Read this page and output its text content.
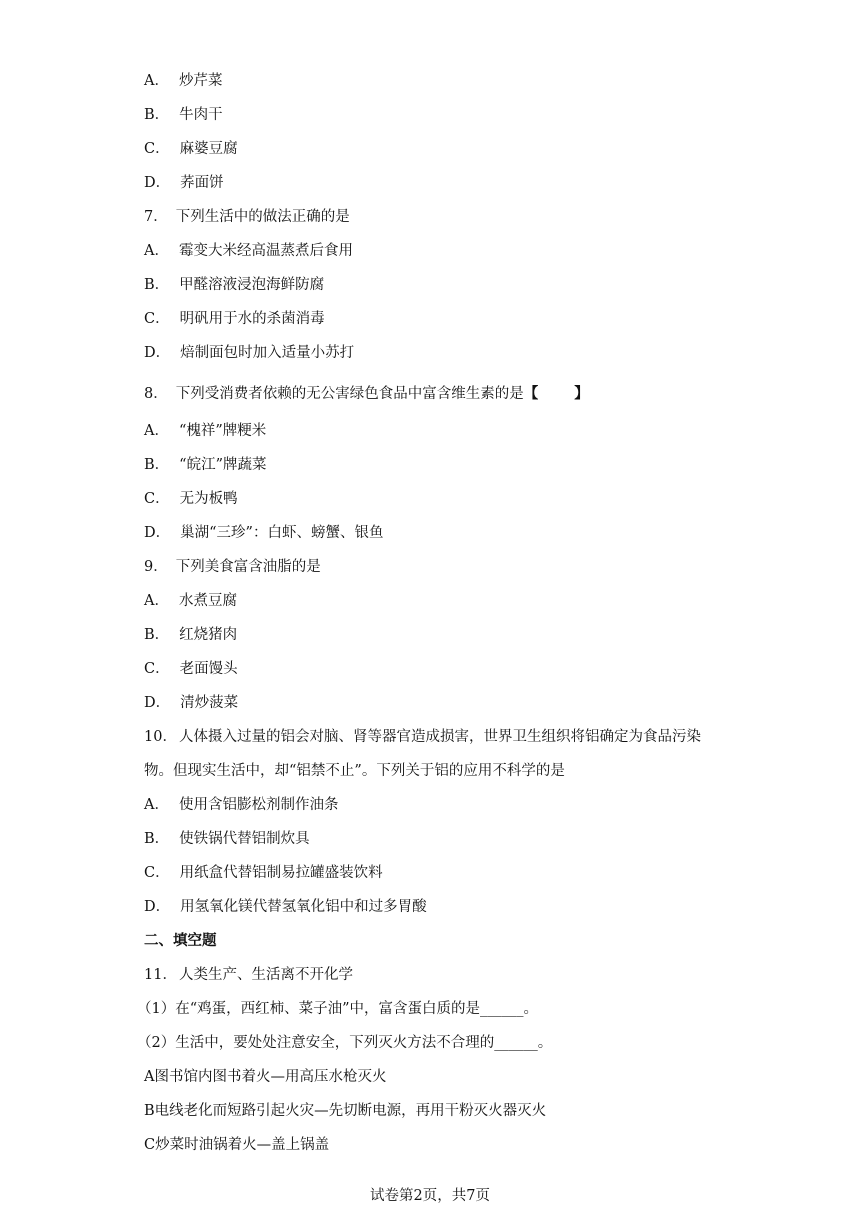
A． 炒芹菜
B． 牛肉干
C． 麻婆豆腐
D． 荞面饼
7． 下列生活中的做法正确的是
A． 霉变大米经高温蒸煮后食用
B． 甲醛溶液浸泡海鲜防腐
C． 明矾用于水的杀菌消毒
D． 焙制面包时加入适量小苏打
8． 下列受消费者依赖的无公害绿色食品中富含维生素的是【 】
A． “槐祥”牌粳米
B． “皖江”牌蔬菜
C． 无为板鸭
D． 巢湖“三珍”：白虾、螃蟹、银鱼
9． 下列美食富含油脂的是
A． 水煮豆腐
B． 红烧猪肉
C． 老面馒头
D． 清炒菠菜
10． 人体摄入过量的铝会对脑、肾等器官造成损害，世界卫生组织将铝确定为食品污染
物。但现实生活中，却“铝禁不止”。下列关于铝的应用不科学的是
A． 使用含铝膨松剂制作油条
B． 使铁锅代替铝制炊具
C． 用纸盒代替铝制易拉罐盛装饮料
D． 用氢氧化镁代替氢氧化铝中和过多胃酸
二、填空题
11． 人类生产、生活离不开化学
（1）在“鸡蛋，西红柿、菜子油”中，富含蛋白质的是______。
（2）生活中，要处处注意安全，下列灭火方法不合理的______。
A图书馆内图书着火—用高压水枪灭火
B电线老化而短路引起火灾—先切断电源，再用干粉灭火器灭火
C炒菜时油锅着火—盖上锅盖
试卷第2页，共7页
